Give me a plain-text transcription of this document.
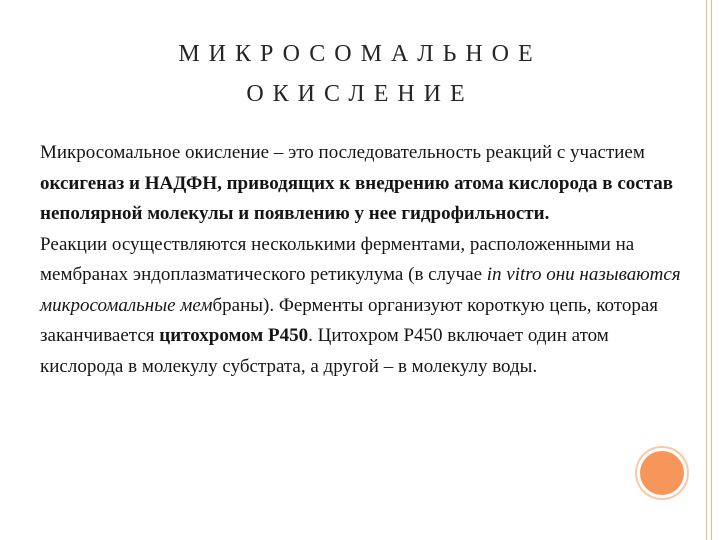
МИКРОСОМАЛЬНОЕ
ОКИСЛЕНИЕ
Микросомальное окисление – это последовательность реакций с участием оксигеназ и НАДФН, приводящих к внедрению атома кислорода в состав неполярной молекулы и появлению у нее гидрофильности.
Реакции осуществляются несколькими ферментами, расположенными на мембранах эндоплазматического ретикулума (в случае in vitro они называются микросомальные мембраны). Ферменты организуют короткую цепь, которая заканчивается цитохромом Р450. Цитохром Р450 включает один атом кислорода в молекулу субстрата, а другой – в молекулу воды.
